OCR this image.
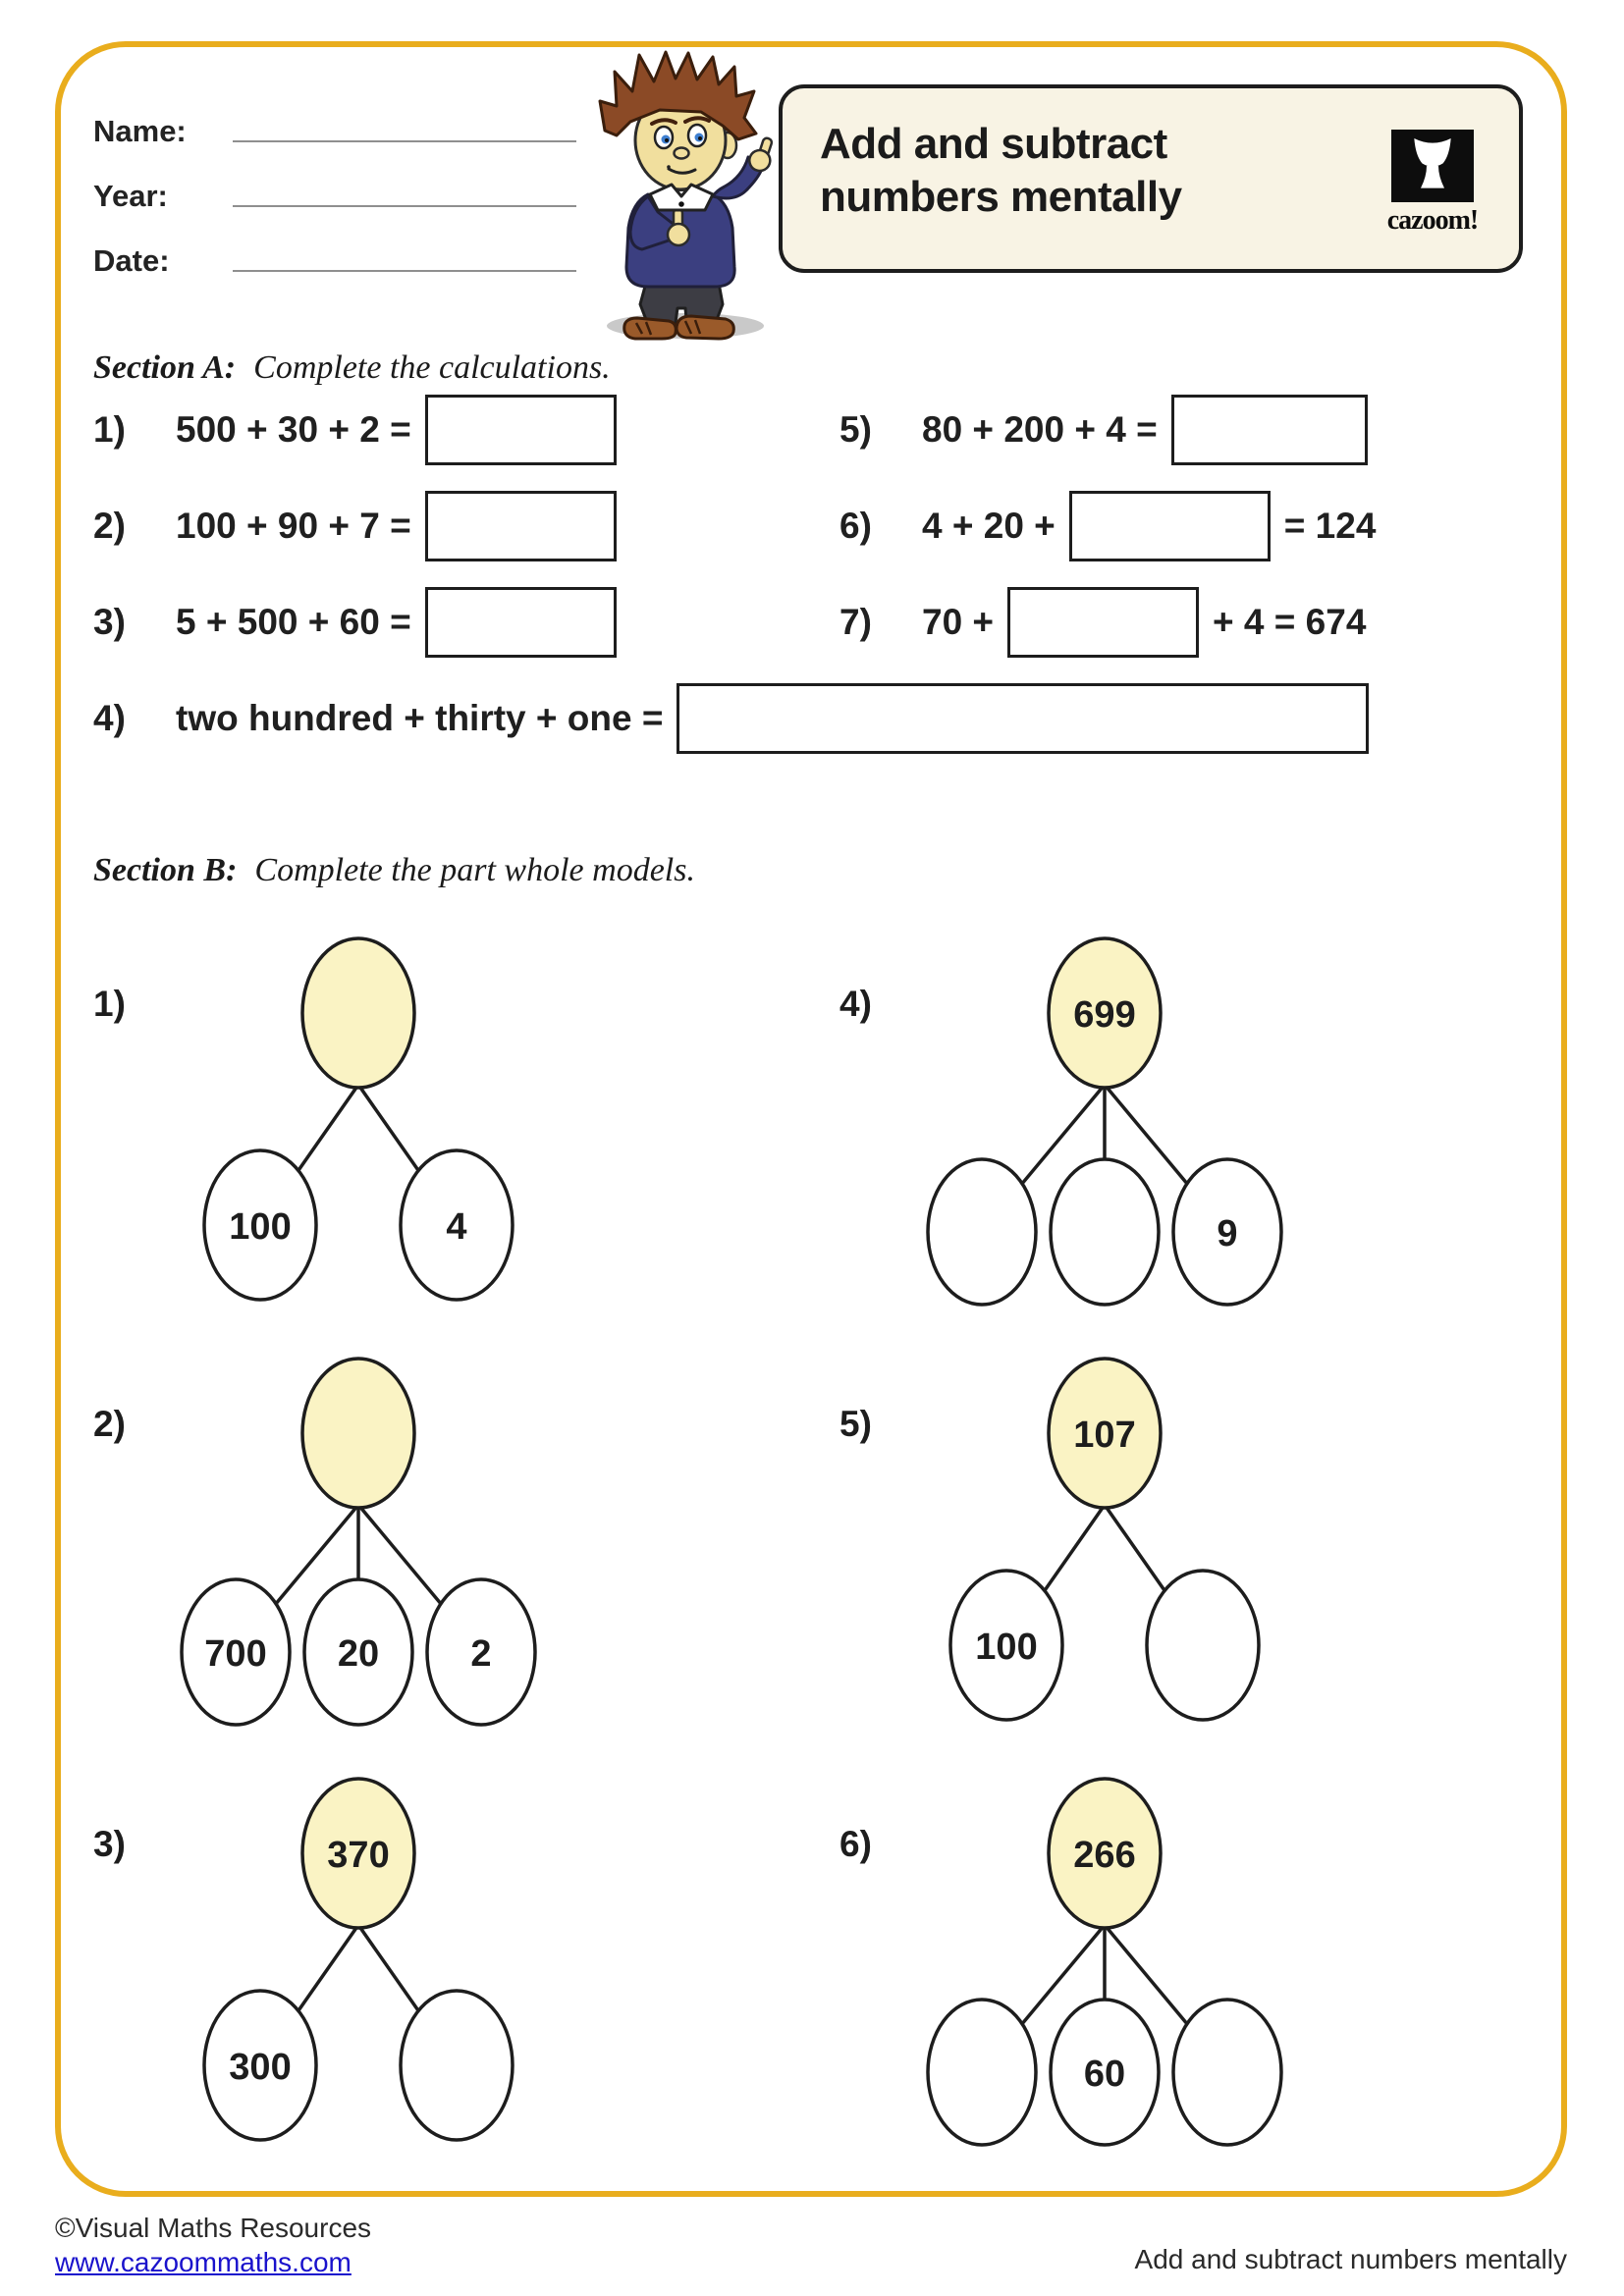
Name:
Year:
Date:
Add and subtract
numbers mentally	cazoom!
Section A: Complete the calculations.
1)	500 + 30 + 2 =
2)	100 + 90 + 7 =
3)	5 + 500 + 60 =
4)	two hundred + thirty + one =
5)	80 + 200 + 4 =
6)	4 + 20 +	= 124
7)	70 +	+ 4 = 674
Section B: Complete the part whole models.
1)
100	4
4)	699
9
2)
700 20 2
5)	107
100
3)	370
300
6)	266
60
©Visual Maths Resources
www.cazoommaths.com	Add and subtract numbers mentally
